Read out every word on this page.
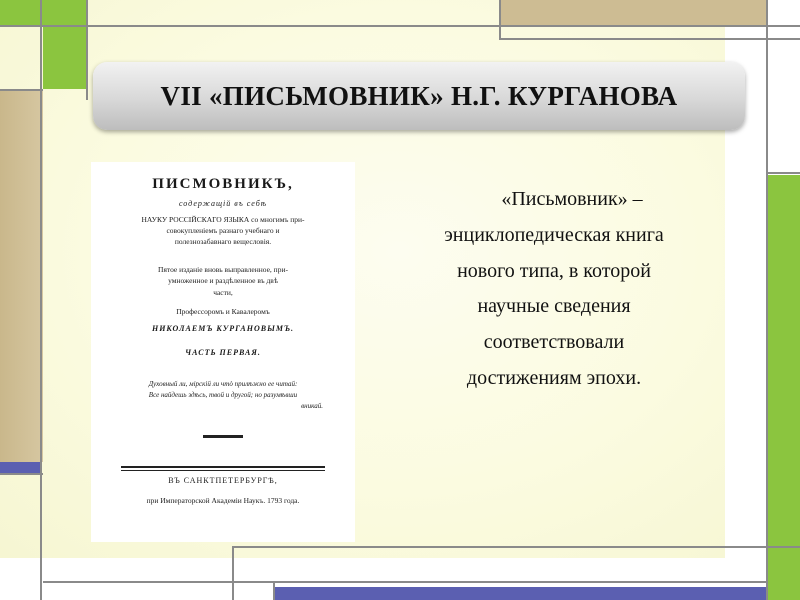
VII «ПИСЬМОВНИК» Н.Г. КУРГАНОВА
ПИСМОВНИКЪ,
содержащiй въ себѣ
НАУКУ РОССIЙСКАГО ЯЗЫКА со многимъ при-
совокупленiемъ разнаго учебнаго и
полезнозабавнаго вещесловiя.
Пятое изданiе вновь выправленное, при-
умноженное и раздѣленное въ двѣ
части,
Профессоромъ и Кавалеромъ
НИКОЛАЕМЪ КУРГАНОВЫМЪ.
ЧАСТЬ ПЕРВАЯ.
Духовный ли, мірскій ли чтò прилѣжно ее читай:
Все найдешь здѣсь, твой и другой; но разумѣвши
вникай.
ВЪ САНКТПЕТЕРБУРГѢ,
при Императорской Академiи Наукъ. 1793 года.
«Письмовник» –
энциклопедическая книга
нового типа, в которой
научные сведения
соответствовали
достижениям эпохи.
